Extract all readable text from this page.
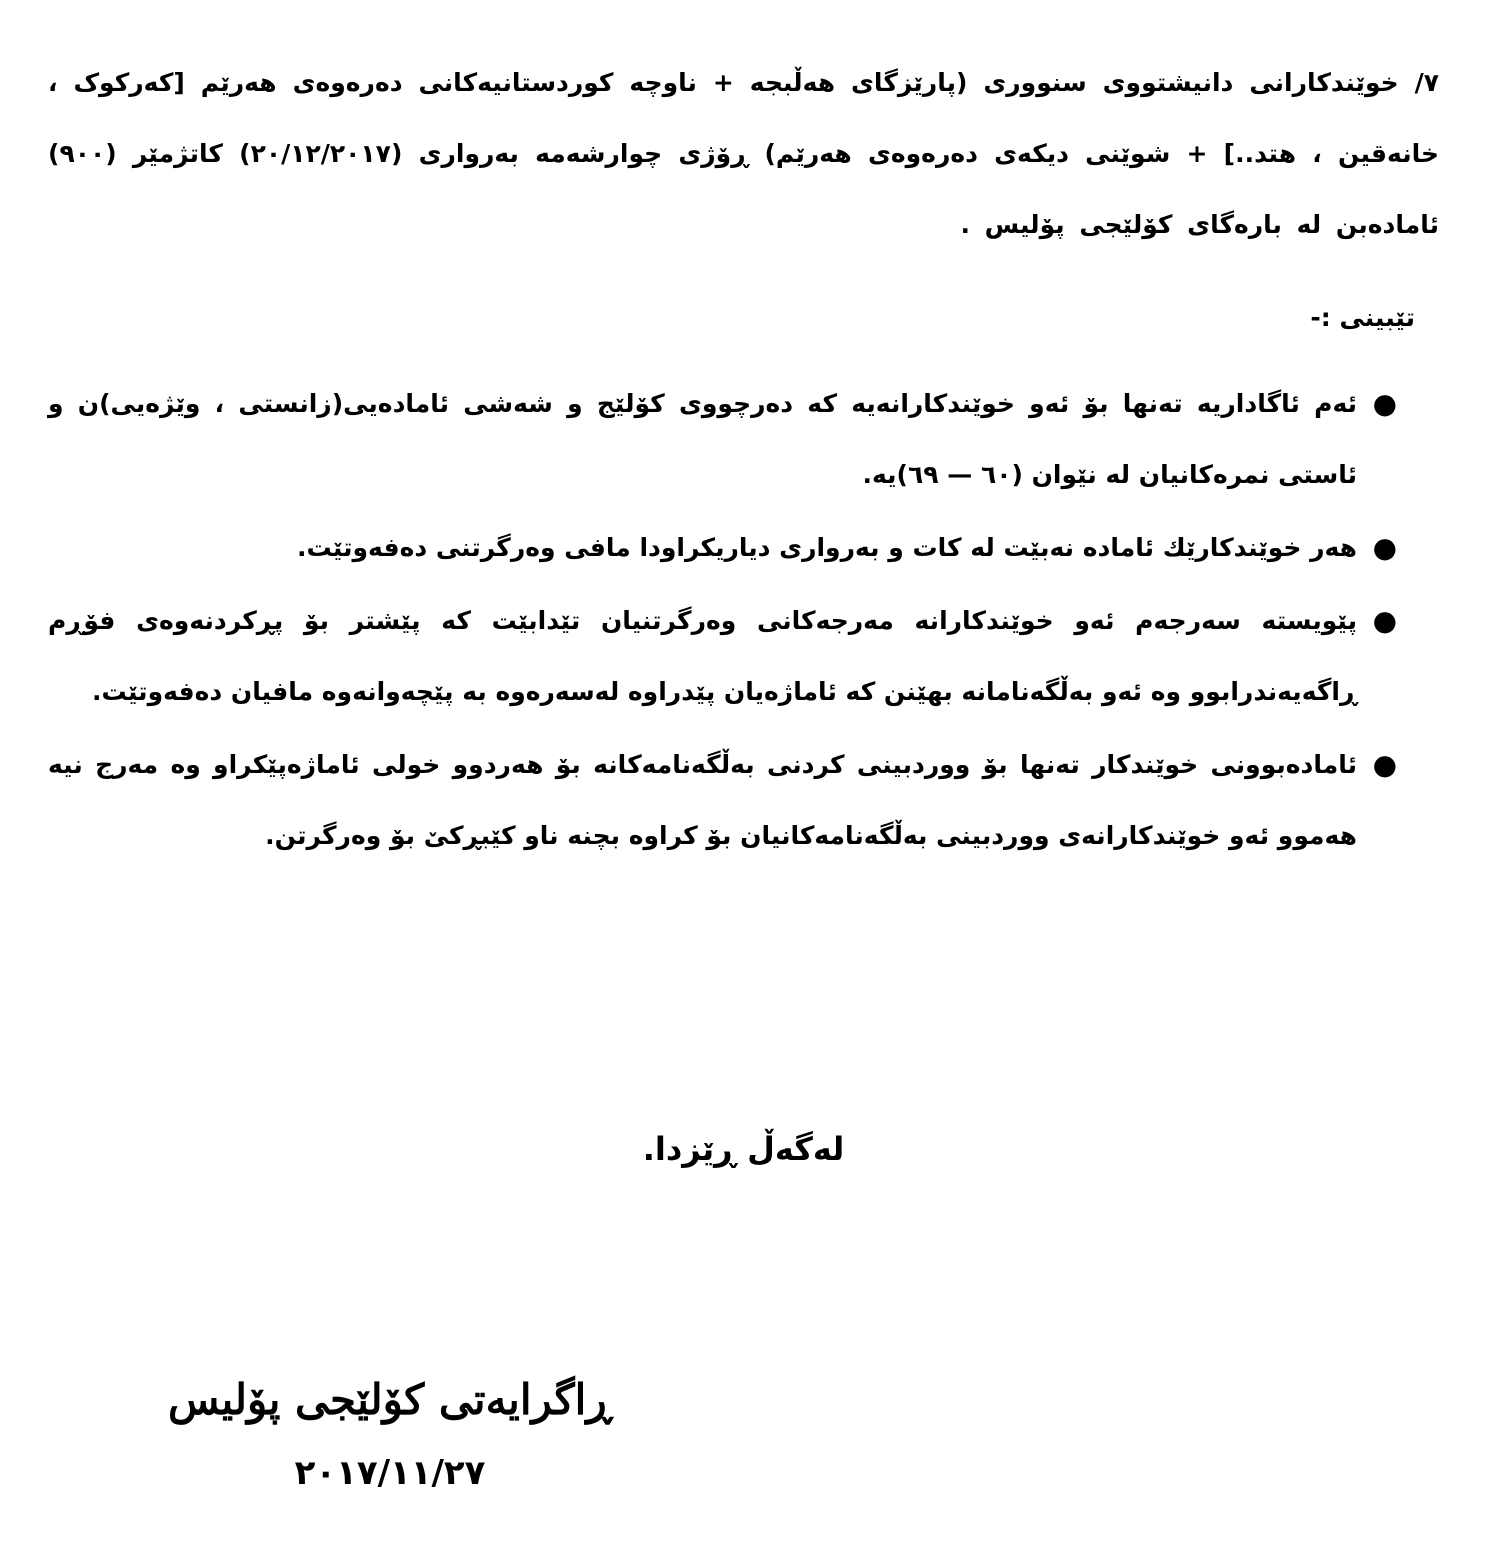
٧/ خوێندکارانی دانیشتووی سنووری (پارێزگای هەڵبجە + ناوچە کوردستانیەکانی دەرەوەی هەرێم [کەرکوک ، خانەقین ، هتد..] + شوێنی دیکەی دەرەوەی هەرێم) ڕۆژی چوارشەمە بەرواری (٢٠/١٢/٢٠١٧) کاتژمێر (٩٠٠) ئامادەبن لە بارەگای کۆلێجی پۆلیس .

تێبینی :-
●
ئەم ئاگاداریە تەنها بۆ ئەو خوێندکارانەیە کە دەرچووی کۆلێج و شەشی ئامادەیی(زانستی ، وێژەیی)ن و ئاستی نمرەکانیان لە نێوان (٦٠ — ٦٩)یە.
●
هەر خوێندکارێك ئامادە نەبێت لە کات و بەرواری دیاریکراودا مافی وەرگرتنی دەفەوتێت.
●
پێویستە سەرجەم ئەو خوێندکارانە مەرجەکانی وەرگرتنیان تێدابێت کە پێشتر بۆ پڕکردنەوەی فۆڕم ڕاگەیەندرابوو وە ئەو بەڵگەنامانە بهێنن کە ئاماژەیان پێدراوە لەسەرەوە بە پێچەوانەوە مافیان دەفەوتێت.
●
ئامادەبوونی خوێندکار تەنها بۆ ووردبینی کردنی بەڵگەنامەکانە بۆ هەردوو خولی ئاماژەپێکراو وە مەرج نیە هەموو ئەو خوێندکارانەی ووردبینی بەڵگەنامەکانیان بۆ کراوە بچنە ناو کێبڕکێ بۆ وەرگرتن.
لەگەڵ ڕێزدا.
ڕاگرایەتی کۆلێجی پۆلیس
٢٠١٧/١١/٢٧
